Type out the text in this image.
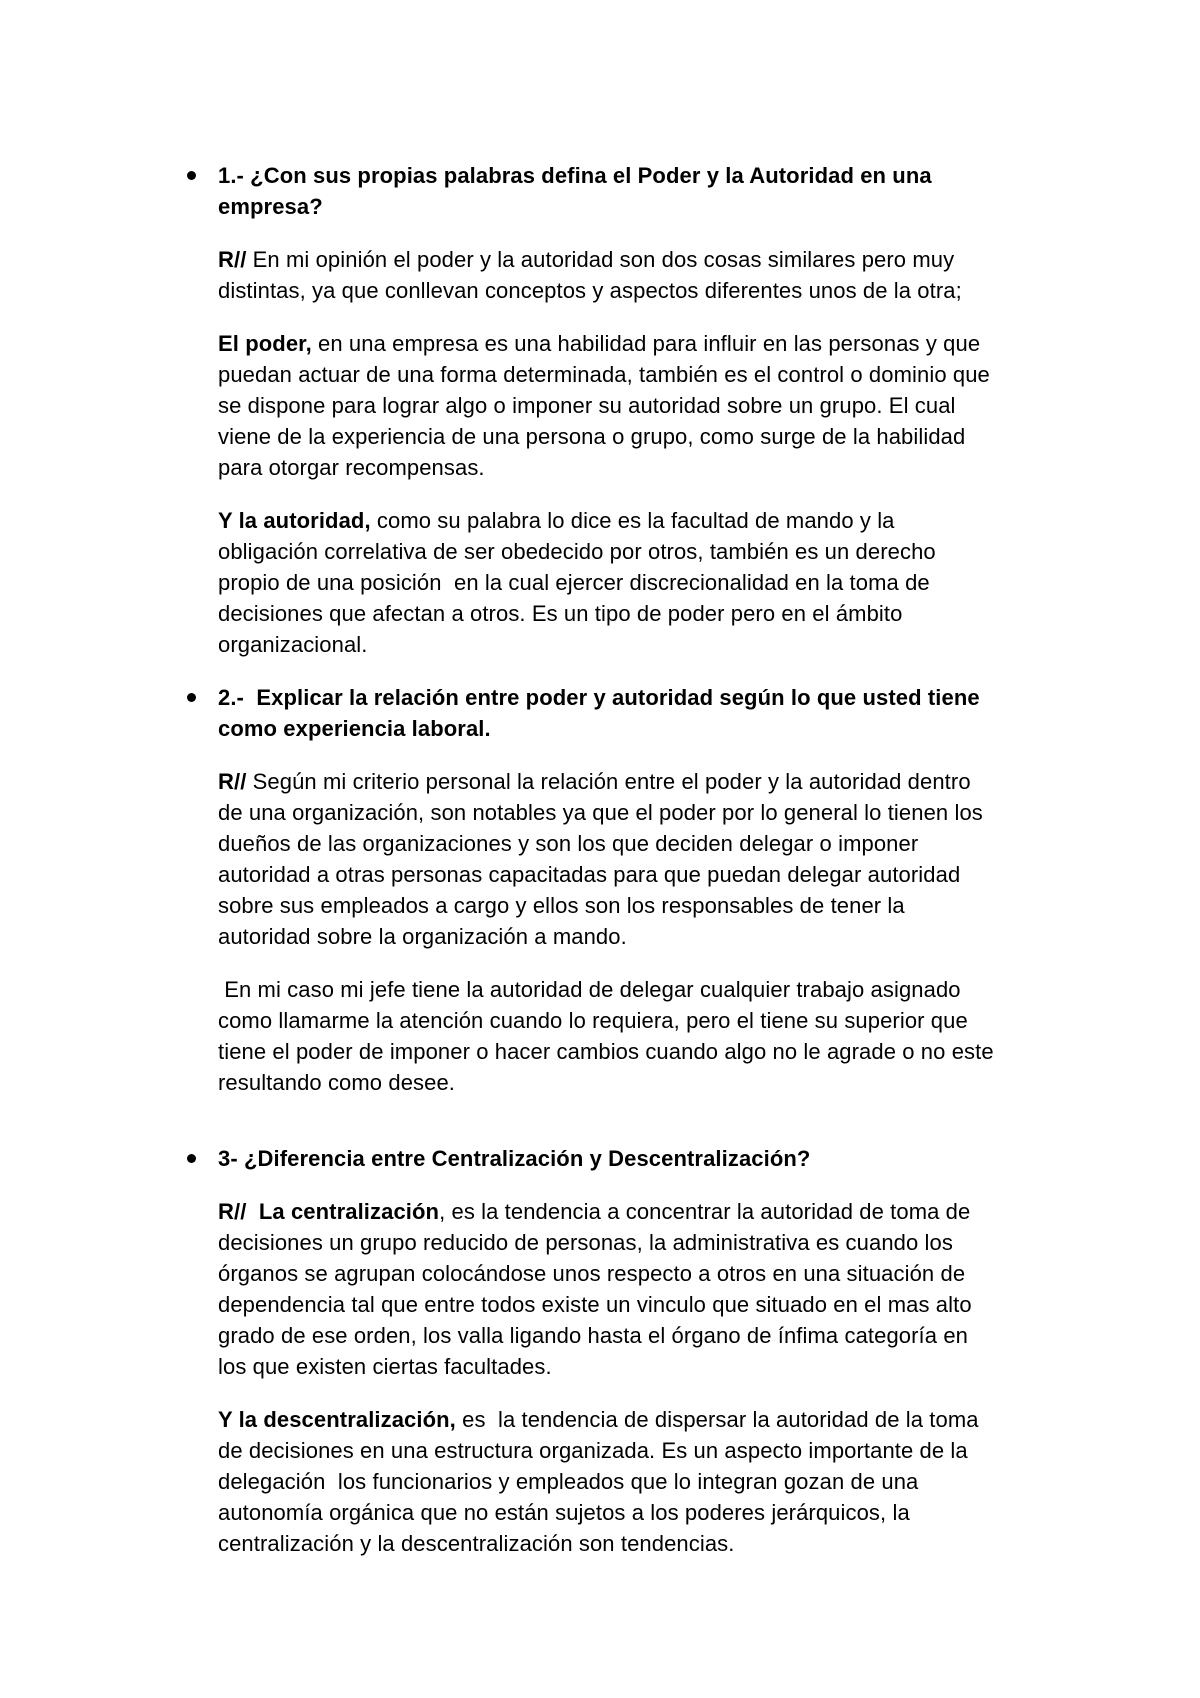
1.- ¿Con sus propias palabras defina el Poder y la Autoridad en una empresa?

R// En mi opinión el poder y la autoridad son dos cosas similares pero muy distintas, ya que conllevan conceptos y aspectos diferentes unos de la otra;

El poder, en una empresa es una habilidad para influir en las personas y que puedan actuar de una forma determinada, también es el control o dominio que se dispone para lograr algo o imponer su autoridad sobre un grupo. El cual viene de la experiencia de una persona o grupo, como surge de la habilidad para otorgar recompensas.

Y la autoridad, como su palabra lo dice es la facultad de mando y la obligación correlativa de ser obedecido por otros, también es un derecho propio de una posición  en la cual ejercer discrecionalidad en la toma de decisiones que afectan a otros. Es un tipo de poder pero en el ámbito organizacional.

2.-  Explicar la relación entre poder y autoridad según lo que usted tiene como experiencia laboral.

R// Según mi criterio personal la relación entre el poder y la autoridad dentro de una organización, son notables ya que el poder por lo general lo tienen los dueños de las organizaciones y son los que deciden delegar o imponer autoridad a otras personas capacitadas para que puedan delegar autoridad sobre sus empleados a cargo y ellos son los responsables de tener la autoridad sobre la organización a mando.

En mi caso mi jefe tiene la autoridad de delegar cualquier trabajo asignado como llamarme la atención cuando lo requiera, pero el tiene su superior que tiene el poder de imponer o hacer cambios cuando algo no le agrade o no este resultando como desee.

3- ¿Diferencia entre Centralización y Descentralización?

R// La centralización, es la tendencia a concentrar la autoridad de toma de decisiones un grupo reducido de personas, la administrativa es cuando los órganos se agrupan colocándose unos respecto a otros en una situación de dependencia tal que entre todos existe un vinculo que situado en el mas alto grado de ese orden, los valla ligando hasta el órgano de ínfima categoría en los que existen ciertas facultades.

Y la descentralización, es  la tendencia de dispersar la autoridad de la toma de decisiones en una estructura organizada. Es un aspecto importante de la delegación  los funcionarios y empleados que lo integran gozan de una autonomía orgánica que no están sujetos a los poderes jerárquicos, la centralización y la descentralización son tendencias.
